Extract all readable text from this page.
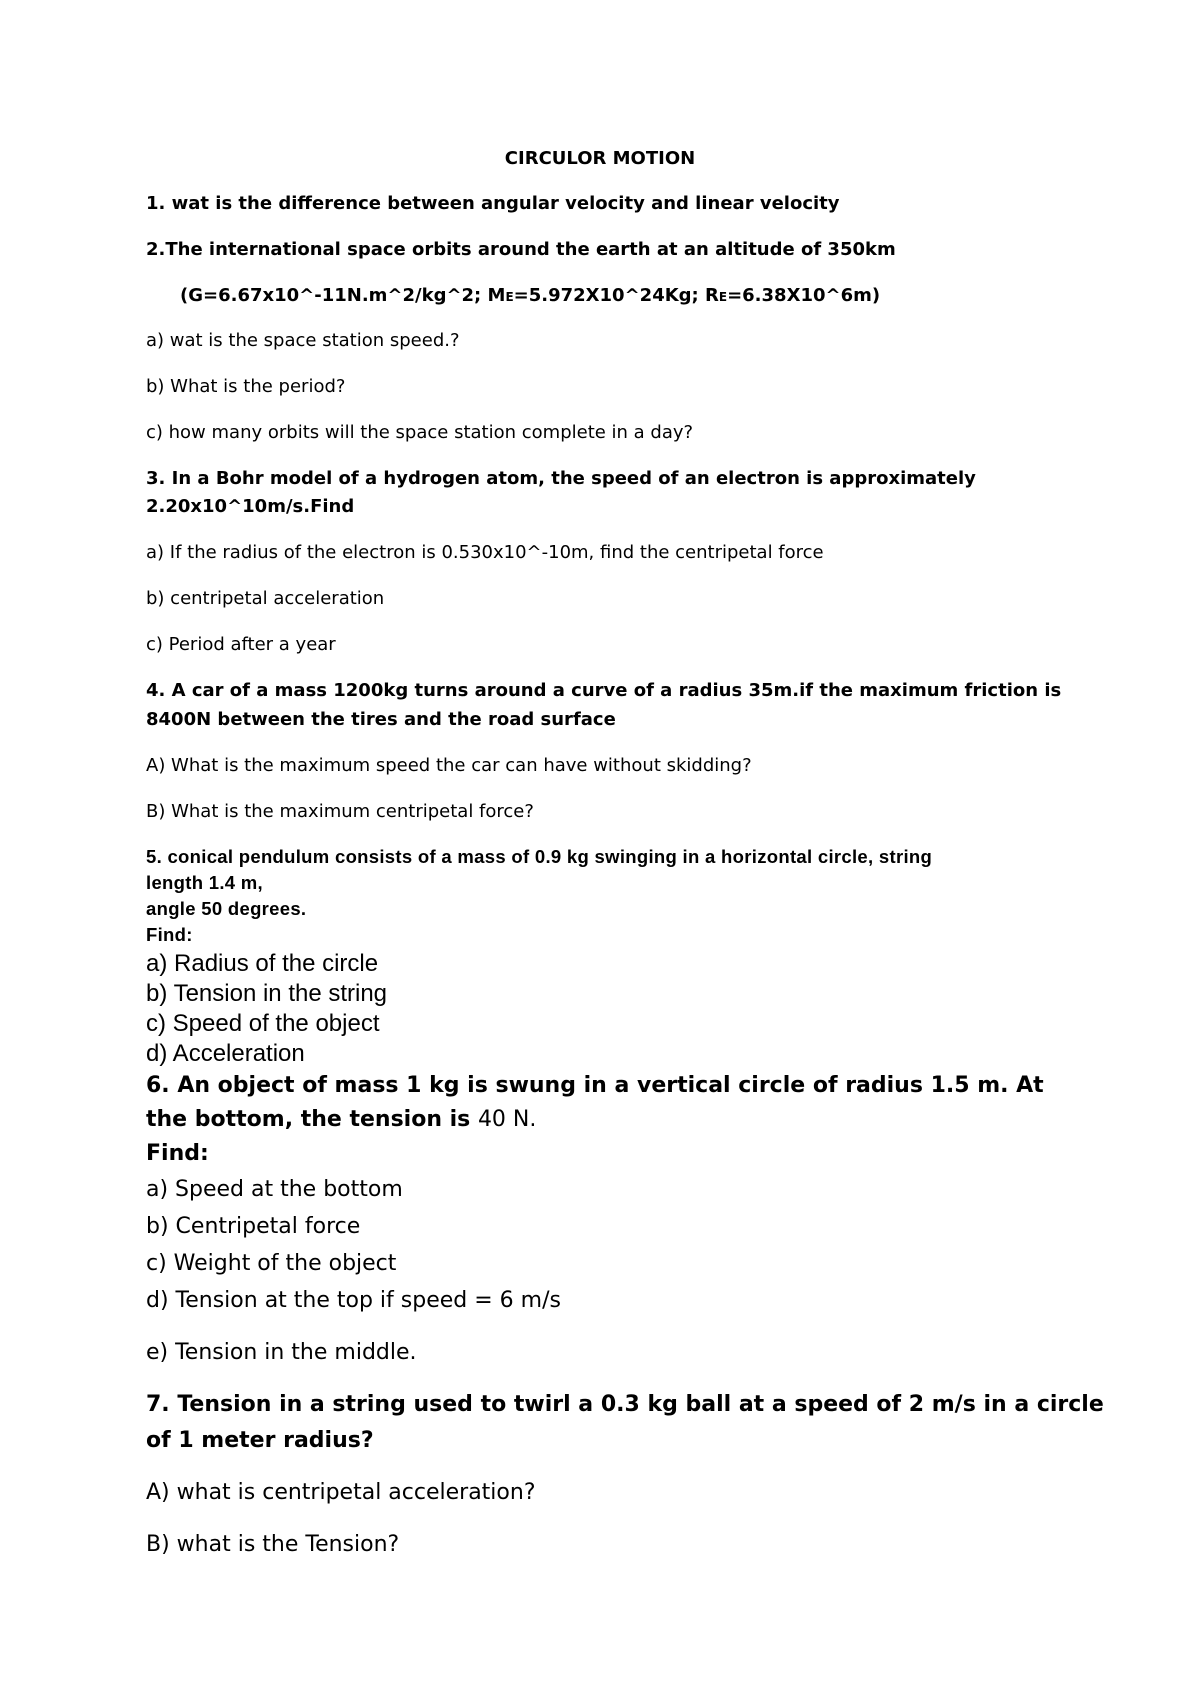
CIRCULOR MOTION
1. wat is the difference between angular velocity and linear velocity
2.The international space orbits around the earth at an altitude of 350km
(G=6.67x10^-11N.m^2/kg^2; ME=5.972X10^24Kg; RE=6.38X10^6m)
a) wat is the space station speed.?
b) What is the period?
c) how many orbits will the space station complete in a day?
3. In a Bohr model of a hydrogen atom, the speed of an electron is approximately
2.20x10^10m/s.Find
a) If the radius of the electron is 0.530x10^-10m, find the centripetal force
b) centripetal acceleration
c) Period after a year
4. A car of a mass 1200kg turns around a curve of a radius 35m.if the maximum friction is
8400N between the tires and the road surface
A) What is the maximum speed the car can have without skidding?
B) What is the maximum centripetal force?
5. conical pendulum consists of a mass of 0.9 kg swinging in a horizontal circle, string
length 1.4 m,
angle 50 degrees.
Find:
a) Radius of the circle
b) Tension in the string
c) Speed of the object
d) Acceleration
6. An object of mass 1 kg is swung in a vertical circle of radius 1.5 m. At
the bottom, the tension is 40 N.
Find:
a) Speed at the bottom
b) Centripetal force
c) Weight of the object
d) Tension at the top if speed = 6 m/s
e) Tension in the middle.
7. Tension in a string used to twirl a 0.3 kg ball at a speed of 2 m/s in a circle
of 1 meter radius?
A) what is centripetal acceleration?
B) what is the Tension?
